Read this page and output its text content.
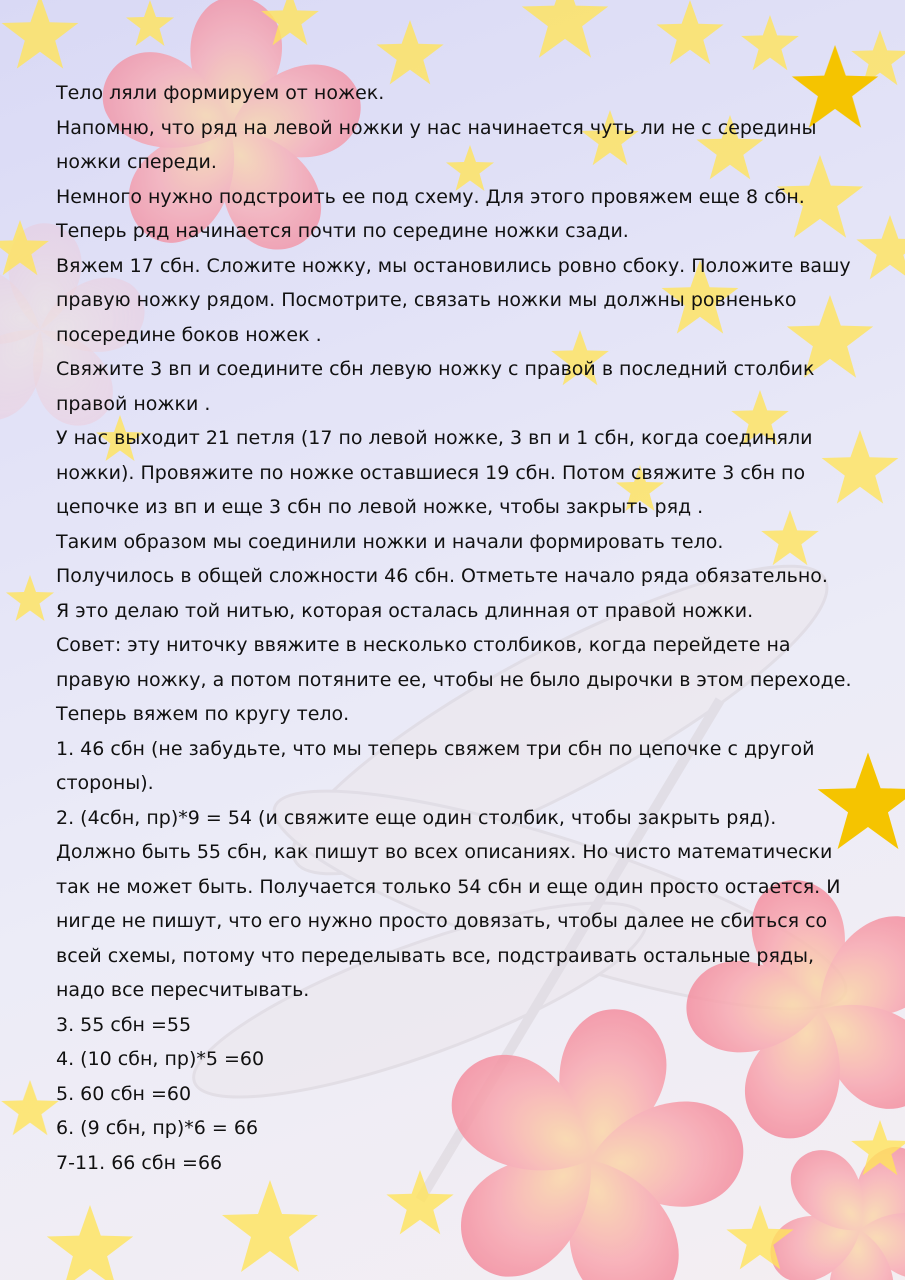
Тело ляли формируем от ножек.

Напомню, что ряд на левой ножки у нас начинается чуть ли не с середины ножки спереди.

Немного нужно подстроить ее под схему. Для этого провяжем еще 8 сбн.

Теперь ряд начинается почти по середине ножки сзади.

Вяжем 17 сбн. Сложите ножку, мы остановились ровно сбоку. Положите вашу правую ножку рядом. Посмотрите, связать ножки мы должны ровненько посередине боков ножек .

Свяжите 3 вп и соедините сбн левую ножку с правой в последний столбик правой ножки .

У нас выходит 21 петля (17 по левой ножке, 3 вп и 1 сбн, когда соединяли ножки). Провяжите по ножке оставшиеся 19 сбн. Потом свяжите 3 сбн по цепочке из вп и еще 3 сбн по левой ножке, чтобы закрыть ряд .

Таким образом мы соединили ножки и начали формировать тело.

Получилось в общей сложности 46 сбн. Отметьте начало ряда обязательно.

Я это делаю той нитью, которая осталась длинная от правой ножки.

Совет: эту ниточку ввяжите в несколько столбиков, когда перейдете на правую ножку, а потом потяните ее, чтобы не было дырочки в этом переходе.

Теперь вяжем по кругу тело.

1. 46 сбн (не забудьте, что мы теперь свяжем три сбн по цепочке с другой стороны).

2. (4сбн, пр)*9 = 54 (и свяжите еще один столбик, чтобы закрыть ряд).

Должно быть 55 сбн, как пишут во всех описаниях. Но чисто математически так не может быть. Получается только 54 сбн и еще один просто остается. И нигде не пишут, что его нужно просто довязать, чтобы далее не сбиться со всей схемы, потому что переделывать все, подстраивать остальные ряды, надо все пересчитывать.

3. 55 сбн =55

4. (10 сбн, пр)*5 =60

5. 60 сбн =60

6. (9 сбн, пр)*6 = 66

7-11. 66 сбн =66
